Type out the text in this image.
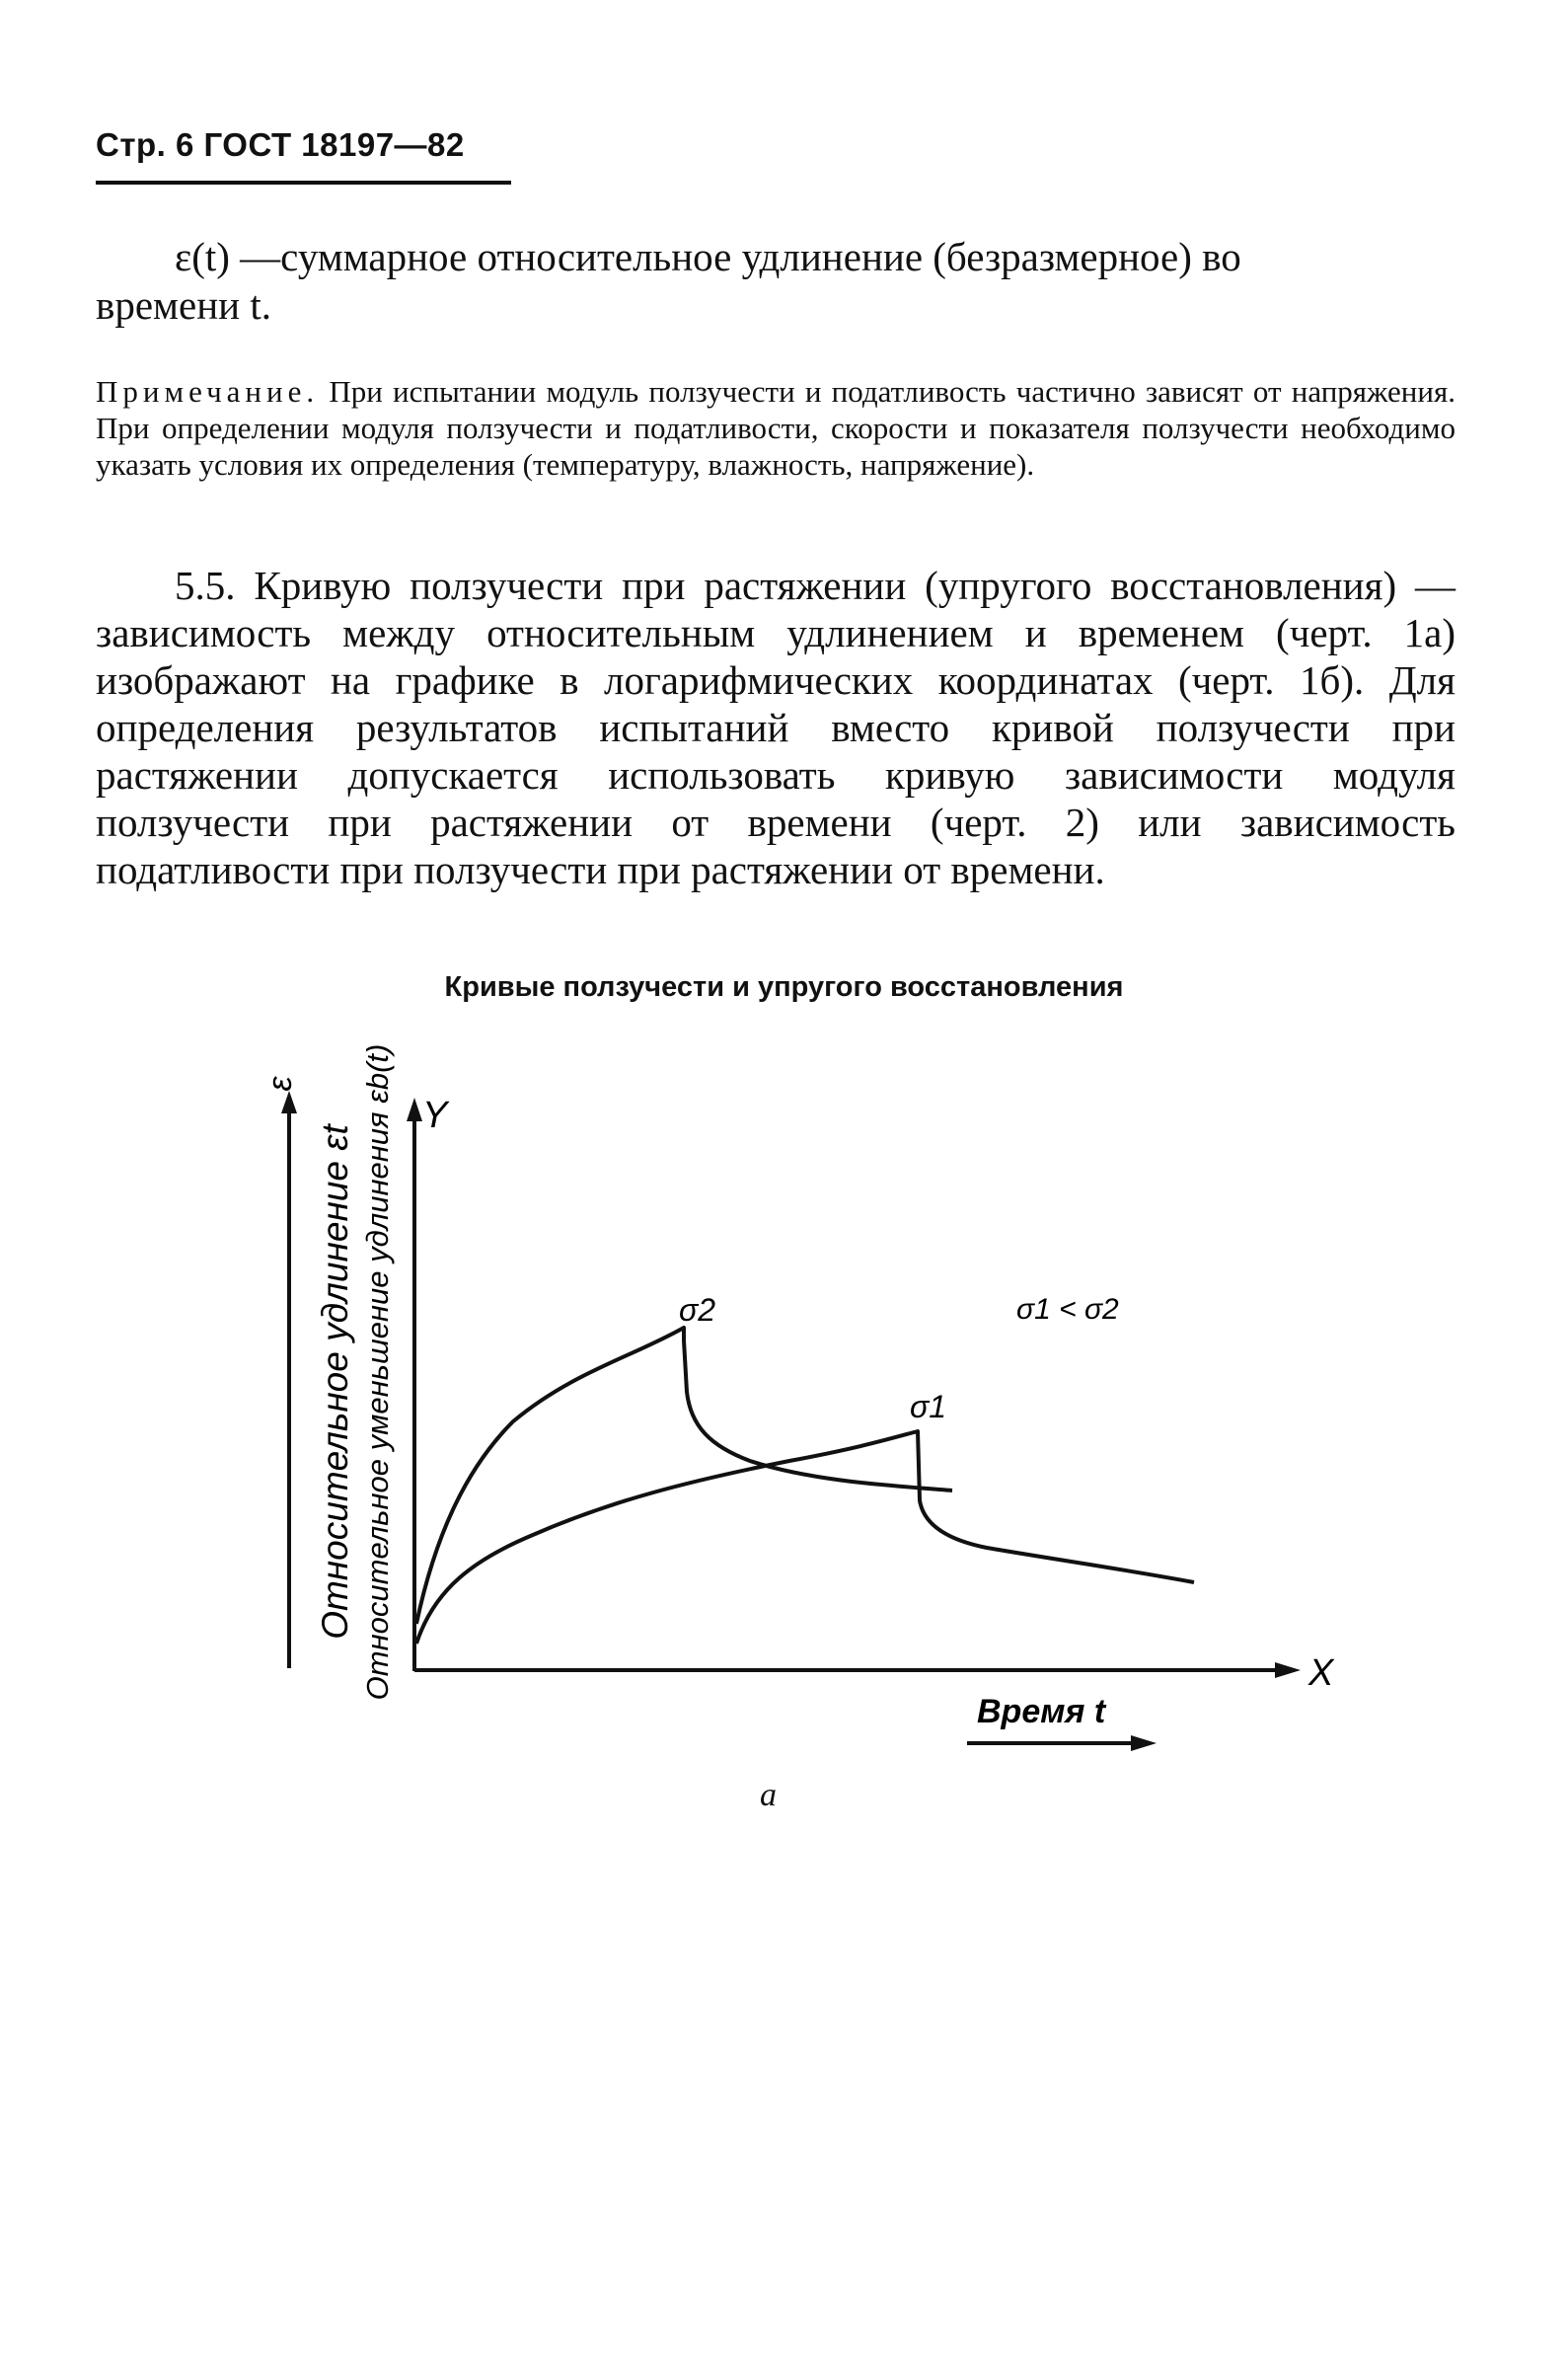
Стр. 6 ГОСТ 18197—82
ε(t) —суммарное относительное удлинение (безразмерное) во
времени t.
Примечание. При испытании модуль ползучести и податливость частично зависят от напряжения. При определении модуля ползучести и податливости, скорости и показателя ползучести необходимо указать условия их определения (температуру, влажность, напряжение).
5.5. Кривую ползучести при растяжении (упругого восстановления) — зависимость между относительным удлинением и временем (черт. 1а) изображают на графике в логарифмических координатах (черт. 1б). Для определения результатов испытаний вместо кривой ползучести при растяжении допускается использовать кривую зависимости модуля ползучести при растяжении от времени (черт. 2) или зависимость податливости при ползучести при растяжении от времени.
Кривые ползучести и упругого восстановления
ε
Y
X
Относительное удлинение εt Относительное уменьшение удлинения εb(t)	σ2
σ1
σ1 < σ2
Время t
а
